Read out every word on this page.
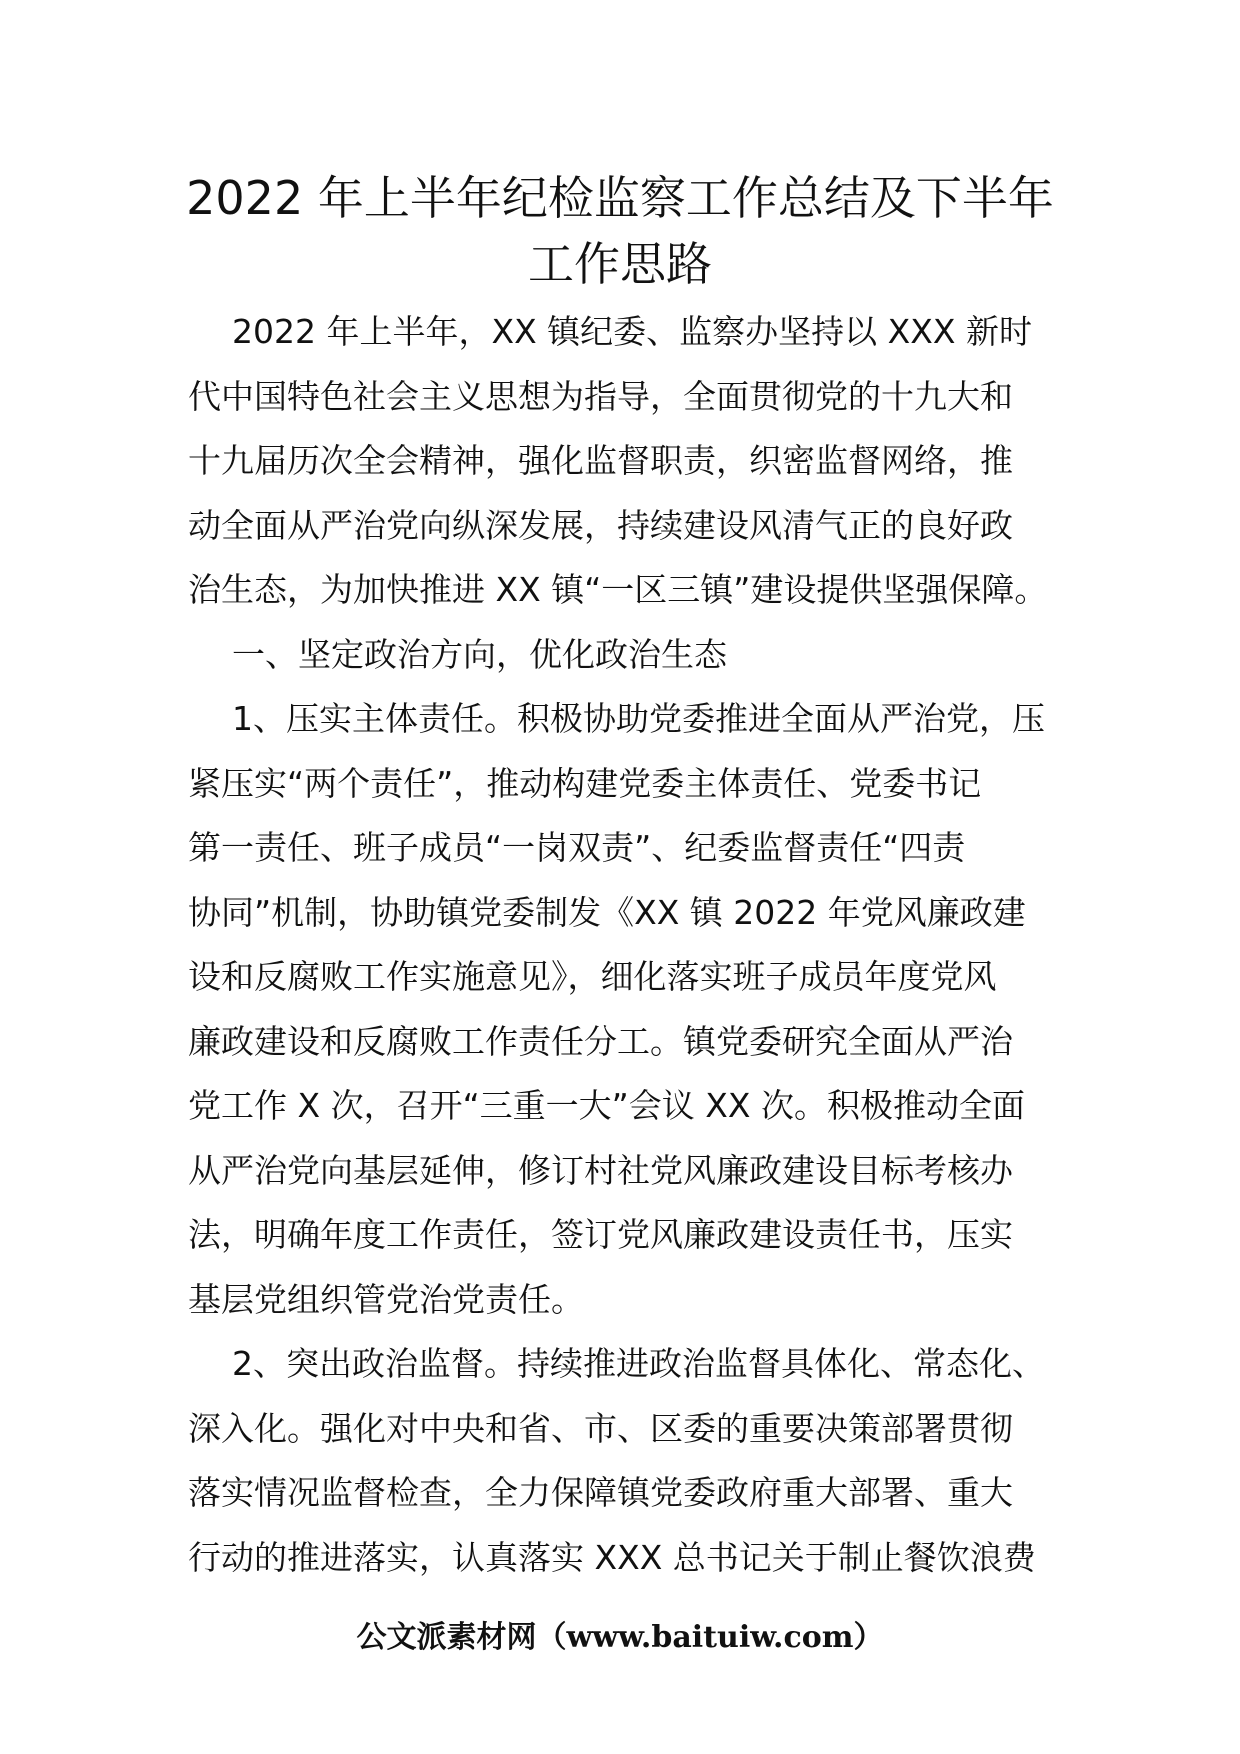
2022 年上半年纪检监察工作总结及下半年
工作思路
2022 年上半年，XX 镇纪委、监察办坚持以 XXX 新时
代中国特色社会主义思想为指导，全面贯彻党的十九大和
十九届历次全会精神，强化监督职责，织密监督网络，推
动全面从严治党向纵深发展，持续建设风清气正的良好政
治生态，为加快推进 XX 镇“一区三镇”建设提供坚强保障。
一、坚定政治方向，优化政治生态
1、压实主体责任。积极协助党委推进全面从严治党，压
紧压实“两个责任”，推动构建党委主体责任、党委书记
第一责任、班子成员“一岗双责”、纪委监督责任“四责
协同”机制，协助镇党委制发《XX 镇 2022 年党风廉政建
设和反腐败工作实施意见》，细化落实班子成员年度党风
廉政建设和反腐败工作责任分工。镇党委研究全面从严治
党工作 X 次，召开“三重一大”会议 XX 次。积极推动全面
从严治党向基层延伸，修订村社党风廉政建设目标考核办
法，明确年度工作责任，签订党风廉政建设责任书，压实
基层党组织管党治党责任。
2、突出政治监督。持续推进政治监督具体化、常态化、
深入化。强化对中央和省、市、区委的重要决策部署贯彻
落实情况监督检查，全力保障镇党委政府重大部署、重大
行动的推进落实，认真落实 XXX 总书记关于制止餐饮浪费
公文派素材网（www.baituiw.com）
